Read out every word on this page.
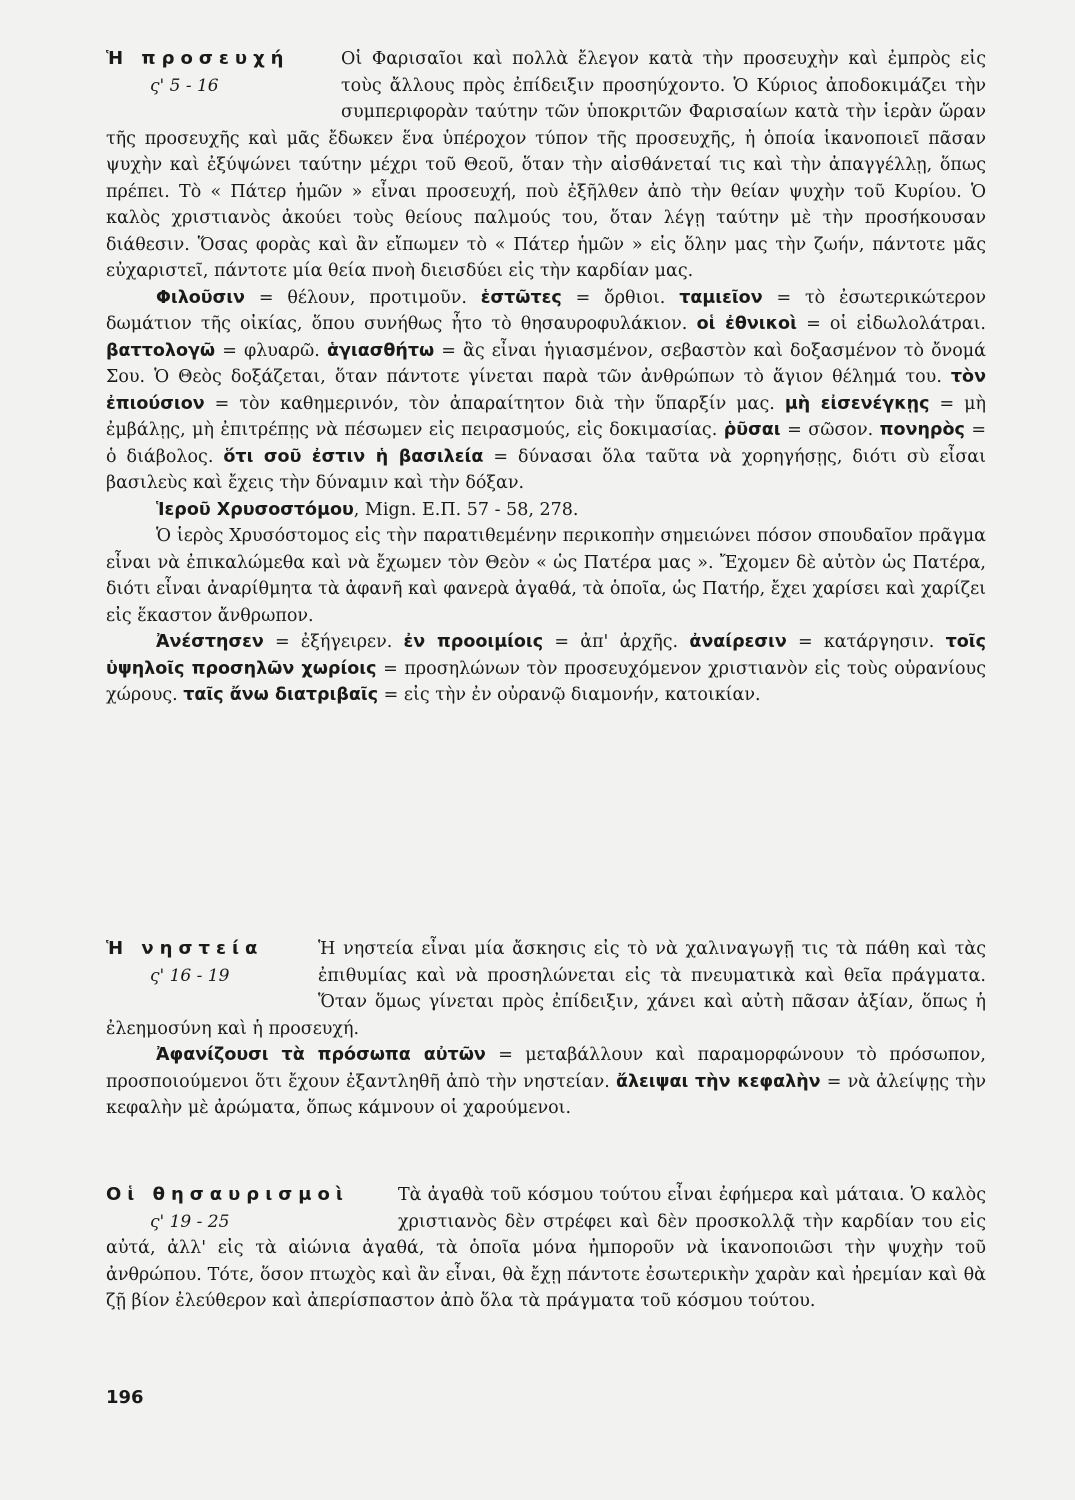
Ἡ προσευχή
ς' 5 - 16

Οἱ Φαρισαῖοι καὶ πολλὰ ἔλεγον κατὰ τὴν προσευχὴν καὶ ἐμπρὸς εἰς τοὺς ἄλλους πρὸς ἐπίδειξιν προσηύχοντο. Ὁ Κύριος ἀποδοκιμάζει τὴν συμπεριφορὰν ταύτην τῶν ὑποκριτῶν Φαρισαίων κατὰ τὴν ἱερὰν ὥραν τῆς προσευχῆς καὶ μᾶς ἔδωκεν ἕνα ὑπέροχον τύπον τῆς προσευχῆς, ἡ ὁποία ἱκανοποιεῖ πᾶσαν ψυχὴν καὶ ἐξύψώνει ταύτην μέχρι τοῦ Θεοῦ, ὅταν τὴν αἰσθάνεταί τις καὶ τὴν ἀπαγγέλλῃ, ὅπως πρέπει. Τὸ « Πάτερ ἡμῶν » εἶναι προσευχή, ποὺ ἐξῆλθεν ἀπὸ τὴν θείαν ψυχὴν τοῦ Κυρίου. Ὁ καλὸς χριστιανὸς ἀκούει τοὺς θείους παλμούς του, ὅταν λέγῃ ταύτην μὲ τὴν προσήκουσαν διάθεσιν. Ὅσας φορὰς καὶ ἂν εἴπωμεν τὸ « Πάτερ ἡμῶν » εἰς ὅλην μας τὴν ζωήν, πάντοτε μᾶς εὐχαριστεῖ, πάντοτε μία θεία πνοὴ διεισδύει εἰς τὴν καρδίαν μας.

Φιλοῦσιν = θέλουν, προτιμοῦν. ἑστῶτες = ὄρθιοι. ταμιεῖον = τὸ ἐσωτερικώτερον δωμάτιον τῆς οἰκίας, ὅπου συνήθως ἦτο τὸ θησαυροφυλάκιον. οἱ ἐθνικοὶ = οἱ εἰδωλολάτραι. βαττολογῶ = φλυαρῶ. ἁγιασθήτω = ἂς εἶναι ἡγιασμένον, σεβαστὸν καὶ δοξασμένον τὸ ὄνομά Σου. Ὁ Θεὸς δοξάζεται, ὅταν πάντοτε γίνεται παρὰ τῶν ἀνθρώπων τὸ ἅγιον θέλημά του. τὸν ἐπιούσιον = τὸν καθημερινόν, τὸν ἀπαραίτητον διὰ τὴν ὕπαρξίν μας. μὴ εἰσενέγκῃς = μὴ ἐμβάλῃς, μὴ ἐπιτρέπῃς νὰ πέσωμεν εἰς πειρασμούς, εἰς δοκιμασίας. ῥῦσαι = σῶσον. πονηρὸς = ὁ διάβολος. ὅτι σοῦ ἐστιν ἡ βασιλεία = δύνασαι ὅλα ταῦτα νὰ χορηγήσῃς, διότι σὺ εἶσαι βασιλεὺς καὶ ἔχεις τὴν δύναμιν καὶ τὴν δόξαν.

Ἱεροῦ Χρυσοστόμου, Mign. Ε.Π. 57 - 58, 278.

Ὁ ἱερὸς Χρυσόστομος εἰς τὴν παρατιθεμένην περικοπὴν σημειώνει πόσον σπουδαῖον πρᾶγμα εἶναι νὰ ἐπικαλώμεθα καὶ νὰ ἔχωμεν τὸν Θεὸν « ὡς Πατέρα μας ». Ἔχομεν δὲ αὐτὸν ὡς Πατέρα, διότι εἶναι ἀναρίθμητα τὰ ἀφανῆ καὶ φανερὰ ἀγαθά, τὰ ὁποῖα, ὡς Πατήρ, ἔχει χαρίσει καὶ χαρίζει εἰς ἕκαστον ἄνθρωπον.

Ἀνέστησεν = ἐξήγειρεν. ἐν προοιμίοις = ἀπ' ἀρχῆς. ἀναίρεσιν = κατάργησιν. τοῖς ὑψηλοῖς προσηλῶν χωρίοις = προσηλώνων τὸν προσευχόμενον χριστιανὸν εἰς τοὺς οὐρανίους χώρους. ταῖς ἄνω διατριβαῖς = εἰς τὴν ἐν οὐρανῷ διαμονήν, κατοικίαν.

Ἡ νηστεία
ς' 16 - 19

Ἡ νηστεία εἶναι μία ἄσκησις εἰς τὸ νὰ χαλιναγωγῇ τις τὰ πάθη καὶ τὰς ἐπιθυμίας καὶ νὰ προσηλώνεται εἰς τὰ πνευματικὰ καὶ θεῖα πράγματα. Ὅταν ὅμως γίνεται πρὸς ἐπίδειξιν, χάνει καὶ αὐτὴ πᾶσαν ἀξίαν, ὅπως ἡ ἐλεημοσύνη καὶ ἡ προσευχή.

Ἀφανίζουσι τὰ πρόσωπα αὐτῶν = μεταβάλλουν καὶ παραμορφώνουν τὸ πρόσωπον, προσποιούμενοι ὅτι ἔχουν ἐξαντληθῆ ἀπὸ τὴν νηστείαν. ἄλειψαι τὴν κεφαλὴν = νὰ ἀλείψῃς τὴν κεφαλὴν μὲ ἀρώματα, ὅπως κάμνουν οἱ χαρούμενοι.

Οἱ θησαυρισμοὶ
ς' 19 - 25

Τὰ ἀγαθὰ τοῦ κόσμου τούτου εἶναι ἐφήμερα καὶ μάταια. Ὁ καλὸς χριστιανὸς δὲν στρέφει καὶ δὲν προσκολλᾷ τὴν καρδίαν του εἰς αὐτά, ἀλλ' εἰς τὰ αἰώνια ἀγαθά, τὰ ὁποῖα μόνα ἠμποροῦν νὰ ἱκανοποιῶσι τὴν ψυχὴν τοῦ ἀνθρώπου. Τότε, ὅσον πτωχὸς καὶ ἂν εἶναι, θὰ ἔχῃ πάντοτε ἐσωτερικὴν χαρὰν καὶ ἠρεμίαν καὶ θὰ ζῇ βίον ἐλεύθερον καὶ ἀπερίσπαστον ἀπὸ ὅλα τὰ πράγματα τοῦ κόσμου τούτου.

196
